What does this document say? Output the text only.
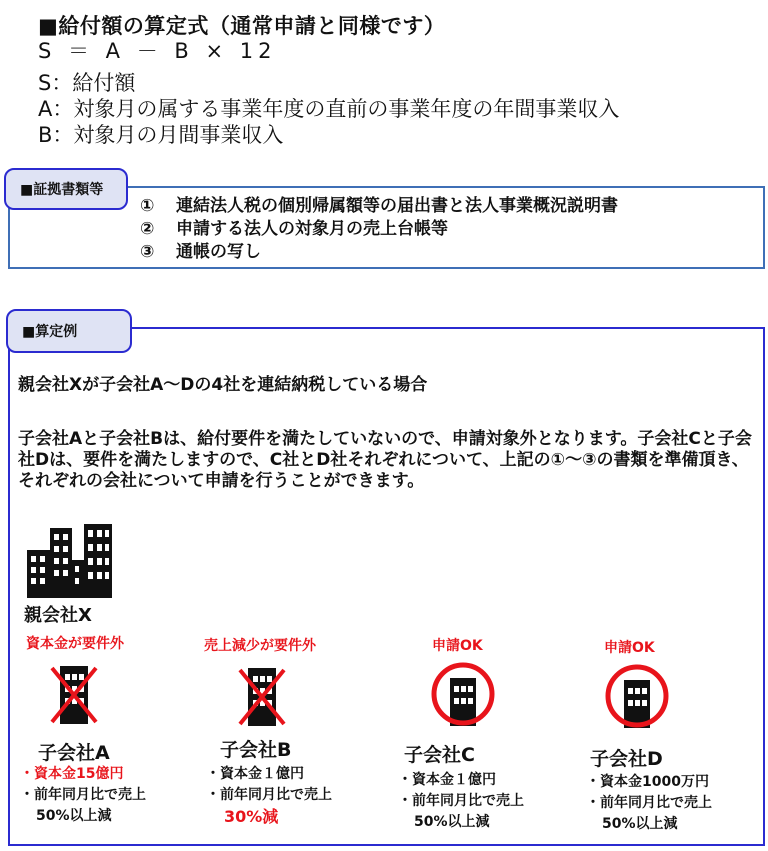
■給付額の算定式（通常申請と同様です）
S ＝ A － B × 12
S：給付額
A：対象月の属する事業年度の直前の事業年度の年間事業収入
B：対象月の月間事業収入
■証拠書類等
① 連結法人税の個別帰属額等の届出書と法人事業概況説明書
② 申請する法人の対象月の売上台帳等
③ 通帳の写し
■算定例
親会社Xが子会社A～Dの4社を連結納税している場合
子会社Aと子会社Bは、給付要件を満たしていないので、申請対象外となります。子会社Cと子会社Dは、要件を満たしますので、C社とD社それぞれについて、上記の①～③の書類を準備頂き、それぞれの会社について申請を行うことができます。
親会社X
資本金が要件外
子会社A
・資本金15億円
・前年同月比で売上
50%以上減
売上減少が要件外
子会社B
・資本金１億円
・前年同月比で売上
30%減
申請OK
子会社C
・資本金１億円
・前年同月比で売上
50%以上減
申請OK
子会社D
・資本金1000万円
・前年同月比で売上
50%以上減
